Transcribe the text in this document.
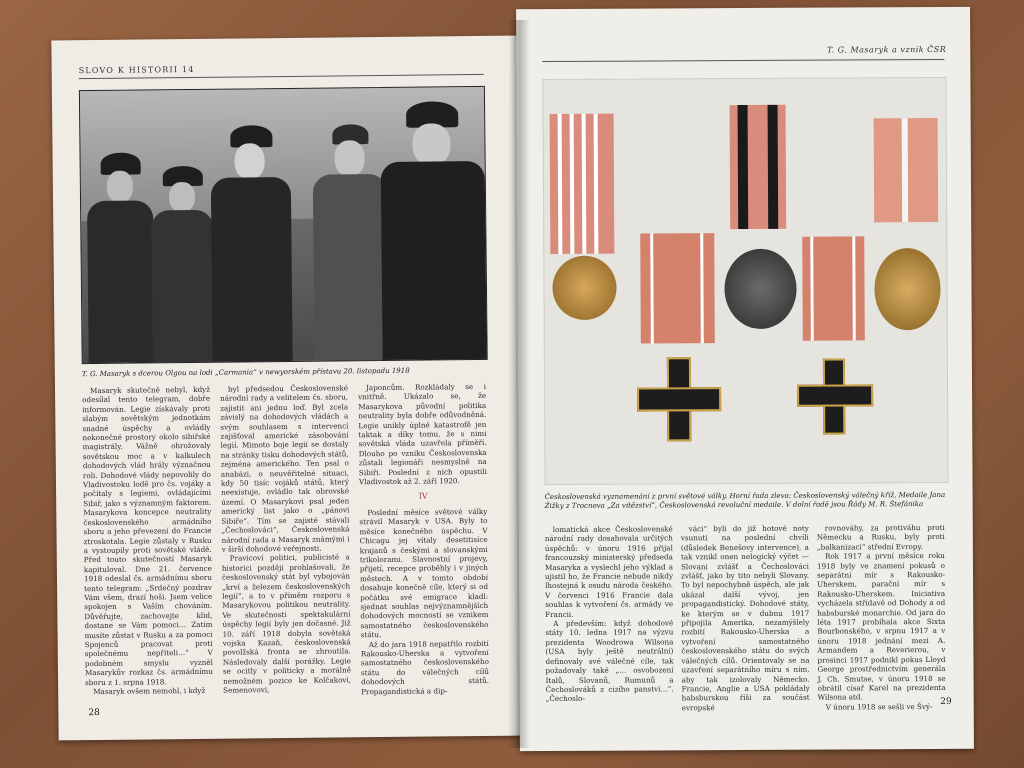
SLOVO K HISTORII 14
T. G. Masaryk s dcerou Olgou na lodi „Carmania“ v newyorském přístavu 20. listopadu 1918

Masaryk skutečně nebyl, když odesílal tento telegram, dobře informován. Legie získávaly proti slabým sovětským jednotkám snadné úspěchy a ovládly nekonečné prostory okolo sibiřské magistrály. Vážně ohrožovaly sovětskou moc a v kalkulech dohodových vlád hrály význačnou roli. Dohodové vlády nepovolily do Vladivostoku lodě pro čs. vojáky a počítaly s legiemi, ovládajícími Sibiř, jako s významným faktorem. Masarykova koncepce neutrality československého armádního sboru a jeho převezení do Francie ztroskotala. Legie zůstaly v Rusku a vystoupily proti sovětské vládě. Před touto skutečností Masaryk kapituloval. Dne 21. července 1918 odeslal čs. armádnímu sboru tento telegram: „Srdečný pozdrav Vám všem, drazí hoši. Jsem velice spokojen s Vaším chováním. Důvěřujte, zachovejte klid, dostane se Vám pomoci… Zatím musíte zůstat v Rusku a za pomoci Spojenců pracovat proti společnému nepříteli…“ V podobném smyslu vyzněl Masarykův rozkaz čs. armádnímu sboru z 1. srpna 1918.

Masaryk ovšem nemohl, i když

byl předsedou Československé národní rady a velitelem čs. sboru, zajistit ani jednu loď. Byl zcela závislý na dohodových vládách a svým souhlasem s intervencí zajišťoval americké zásobování legií. Mimoto boje legií se dostaly na stránky tisku dohodových států, zejména amerického. Ten psal o anabázi, o neuvěřitelné situaci, kdy 50 tisíc vojáků států, který neexistuje, ovládlo tak obrovské území. O Masarykovi psal jeden americký list jako o „pánovi Sibiře“. Tím se zajisté stávali „Čechoslováci“, Československá národní rada a Masaryk známými i v širší dohodové veřejnosti.

Pravicoví politici, publicisté a historici později prohlašovali, že československý stát byl vybojován „krví a železem československých legií“, a to v příměm rozporu s Masarykovou politikou neutrality. Ve skutečnosti spektakulární úspěchy legií byly jen dočasné. Již 10. září 1918 dobyla sovětská vojska Kazaň, československá povolžská fronta se zhroutila. Následovaly další porážky. Legie se ocitly v politicky a morálně nemožném pozice ke Kolčakovi, Semenovovi,

Japoncům. Rozkládaly se i vnitřně. Ukázalo se, že Masarykova původní politika neutrality byla dobře odůvodněná. Legie unikly úplné katastrofě jen taktak a díky tomu, že s nimi sovětská vláda uzavřela příměří. Dlouho po vzniku Československa zůstali legionáři nesmyslně na Sibiři. Poslední z nich opustili Vladivostok až 2. září 1920.

IV

Poslední měsíce světové války strávil Masaryk v USA. Byly to měsíce konečného úspěchu. V Chicagu jej vítaly desetitisíce krajanů s českými a slovanskými trikolorami. Slavnostní projevy, přijetí, recepce proběhly i v jiných městech. A v tomto období dosahuje konečně cíle, který si od počátku své emigrace kladl: sjednat souhlas nejvýznamnějších dohodových mocností se vznikem samostatného československého státu.

Až do jara 1918 nepatřilo rozbití Rakousko-Uherska a vytvoření samostatného československého státu do válečných cílů dohodových států. Propagandistická a dip-

28
T. G. Masaryk a vznik ČSR
Československá vyznamenání z první světové války. Horní řada zleva: Československý válečný kříž, Medaile Jana Žižky z Trocnova „Za vítězství“, Československá revoluční medaile. V dolní řadě jsou Řády M. R. Štefánika

lomatická akce Československé národní rady dosahovala určitých úspěchů: v únoru 1916 přijal francouzský ministerský předseda Masaryka a vyslechl jeho výklad a ujistil ho, že Francie nebude nikdy lhostejná k osudu národa českého. V červenci 1916 Francie dala souhlas k vytvoření čs. armády ve Francii.

A především: když dohodové státy 10. ledna 1917 na výzvu prezidenta Woodrowa Wilsona (USA byly ještě neutrální) definovaly své válečné cíle, tak požadovaly také „… osvobození Italů, Slovanů, Rumunů a Čechoslováků z cizího panství…“. „Čechoslo-

váci“ byli do již hotové noty vsunuti na poslední chvíli (důsledek Benešovy intervence), a tak vznikl onen nelogický výčet — Slovani zvlášť a Čechoslováci zvlášť, jako by tito nebyli Slovany. To byl nepochybně úspěch, ale jak ukázal další vývoj, jen propagandistický. Dohodové státy, ke kterým se v dubnu 1917 připojila Amerika, nezamýšlely rozbití Rakousko-Uherska a vytvoření samostatného československého státu do svých válečných cílů. Orientovaly se na uzavření separátního míru s ním, aby tak izolovaly Německo. Francie, Anglie a USA pokládaly habsburskou říši za součást evropské

rovnováhy, za protiváhu proti Německu a Rusku, byly proti „balkanizaci“ střední Evropy.

Rok 1917 a první měsíce roku 1918 byly ve znamení pokusů o separátní mír s Rakousko-Uherskem, parační mír s Rakousko-Uherskem. Iniciativa vycházela střídavě od Dohody a od habsburské monarchie. Od jara do léta 1917 probíhala akce Sixta Bourbonského, v srpnu 1917 a v únoru 1918 jednání mezi A. Armandem a Reverierou, v prosinci 1917 podnikl pokus Lloyd George prostřednictvím generála J. Ch. Smutse, v únoru 1918 se obrátil císař Karel na prezidenta Wilsona atd.

V únoru 1918 se sešli ve Švý- 29
